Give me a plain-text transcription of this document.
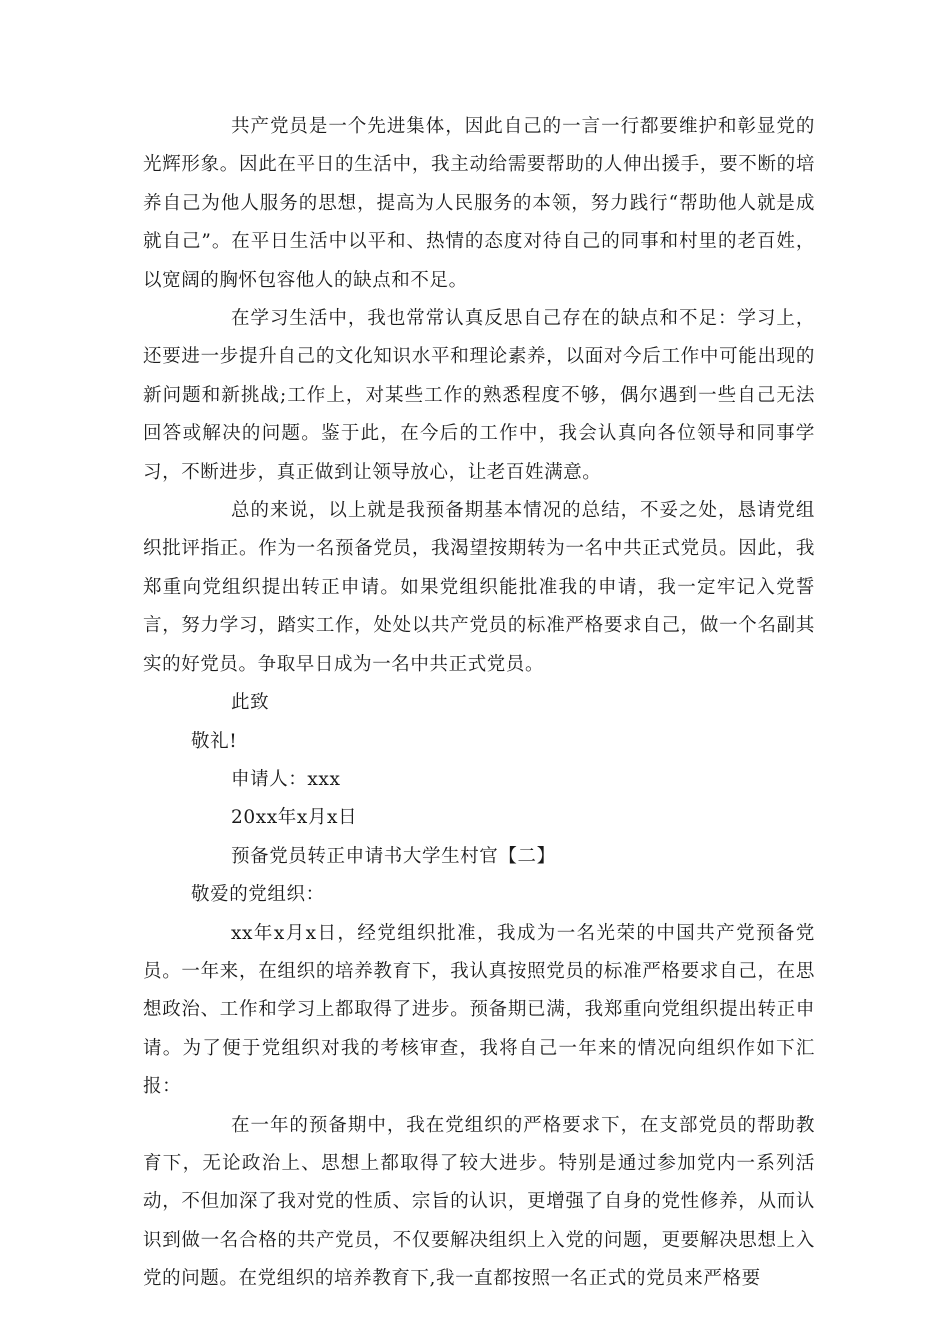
共产党员是一个先进集体，因此自己的一言一行都要维护和彰显党的光辉形象。因此在平日的生活中，我主动给需要帮助的人伸出援手，要不断的培养自己为他人服务的思想，提高为人民服务的本领，努力践行“帮助他人就是成就自己”。在平日生活中以平和、热情的态度对待自己的同事和村里的老百姓，以宽阔的胸怀包容他人的缺点和不足。

在学习生活中，我也常常认真反思自己存在的缺点和不足：学习上，还要进一步提升自己的文化知识水平和理论素养，以面对今后工作中可能出现的新问题和新挑战;工作上，对某些工作的熟悉程度不够，偶尔遇到一些自己无法回答或解决的问题。鉴于此，在今后的工作中，我会认真向各位领导和同事学习，不断进步，真正做到让领导放心，让老百姓满意。

总的来说，以上就是我预备期基本情况的总结，不妥之处，恳请党组织批评指正。作为一名预备党员，我渴望按期转为一名中共正式党员。因此，我郑重向党组织提出转正申请。如果党组织能批准我的申请，我一定牢记入党誓言，努力学习，踏实工作，处处以共产党员的标准严格要求自己，做一个名副其实的好党员。争取早日成为一名中共正式党员。

此致

敬礼!

申请人：xxx

20xx年x月x日

预备党员转正申请书大学生村官【二】

敬爱的党组织：

xx年x月x日，经党组织批准，我成为一名光荣的中国共产党预备党员。一年来，在组织的培养教育下，我认真按照党员的标准严格要求自己，在思想政治、工作和学习上都取得了进步。预备期已满，我郑重向党组织提出转正申请。为了便于党组织对我的考核审查，我将自己一年来的情况向组织作如下汇报：

在一年的预备期中，我在党组织的严格要求下，在支部党员的帮助教育下，无论政治上、思想上都取得了较大进步。特别是通过参加党内一系列活动，不但加深了我对党的性质、宗旨的认识，更增强了自身的党性修养，从而认识到做一名合格的共产党员，不仅要解决组织上入党的问题，更要解决思想上入党的问题。在党组织的培养教育下,我一直都按照一名正式的党员来严格要
